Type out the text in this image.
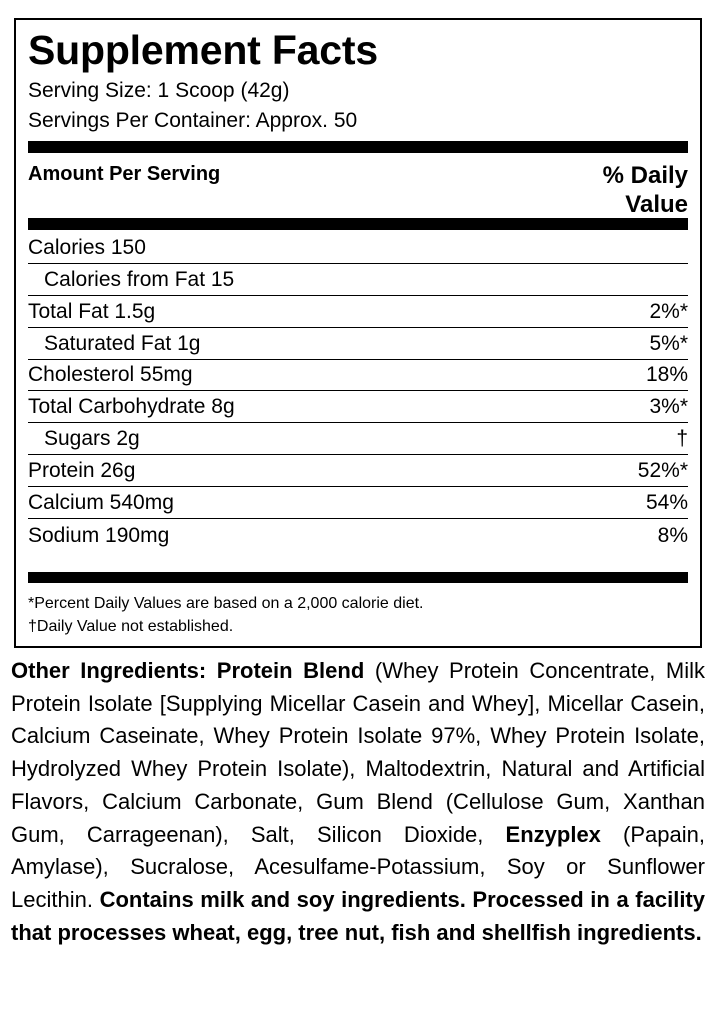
Supplement Facts
Serving Size: 1 Scoop (42g)
Servings Per Container: Approx. 50
Amount Per Serving	% Daily
Value
Calories 150
Calories from Fat 15
Total Fat 1.5g	2%*
Saturated Fat 1g	5%*
Cholesterol 55mg	18%
Total Carbohydrate 8g	3%*
Sugars 2g	†
Protein 26g	52%*
Calcium 540mg	54%
Sodium 190mg	8%
*Percent Daily Values are based on a 2,000 calorie diet.
†Daily Value not established.

Other Ingredients: Protein Blend (Whey Protein Concentrate, Milk Protein Isolate [Supplying Micellar Casein and Whey], Micellar Casein, Calcium Caseinate, Whey Protein Isolate 97%, Whey Protein Isolate, Hydrolyzed Whey Protein Isolate), Maltodextrin, Natural and Artificial Flavors, Calcium Carbonate, Gum Blend (Cellulose Gum, Xanthan Gum, Carrageenan), Salt, Silicon Dioxide, Enzyplex (Papain, Amylase), Sucralose, Acesulfame-Potassium, Soy or Sunflower Lecithin. Contains milk and soy ingredients. Processed in a facility that processes wheat, egg, tree nut, fish and shellfish ingredients.
